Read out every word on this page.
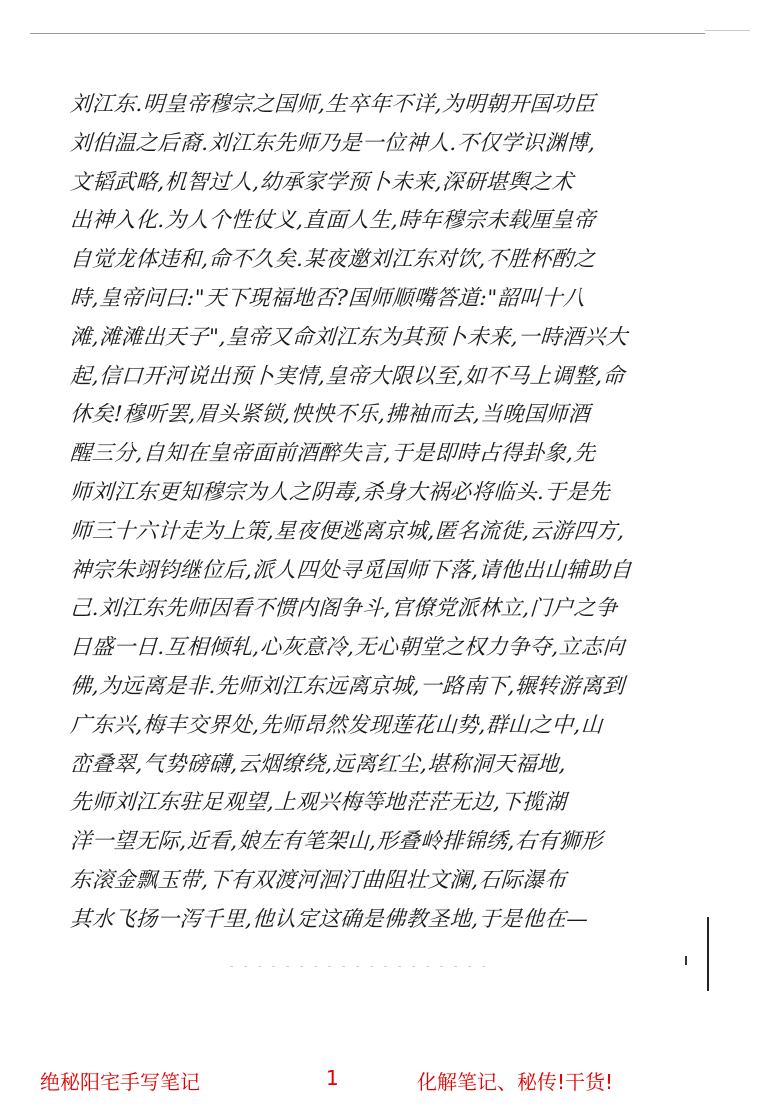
刘江东.明皇帝穆宗之国师,生卒年不详,为明朝开国功臣
刘伯温之后裔.刘江东先师乃是一位神人.不仅学识渊博,
文韬武略,机智过人,幼承家学预卜未来,深研堪舆之术
出神入化.为人个性仗义,直面人生,時年穆宗未载厘皇帝
自觉龙体违和,命不久矣.某夜邀刘江东对饮,不胜杯酌之
時,皇帝问曰:"天下現福地否?国师顺嘴答道:"韶叫十八
滩,滩滩出天子",皇帝又命刘江东为其预卜未来,一時酒兴大
起,信口开河说出预卜実情,皇帝大限以至,如不马上调整,命
休矣!穆听罢,眉头紧锁,怏怏不乐,拂袖而去,当晚国师酒
醒三分,自知在皇帝面前酒醉失言,于是即時占得卦象,先
师刘江东更知穆宗为人之阴毒,杀身大祸必将临头.于是先
师三十六计走为上策,星夜便逃离京城,匿名流徙,云游四方,
神宗朱翊钧继位后,派人四处寻觅国师下落,请他出山辅助自
己.刘江东先师因看不惯内阁争斗,官僚党派林立,门户之争
日盛一日.互相倾轧,心灰意冷,无心朝堂之权力争夺,立志向
佛,为远离是非.先师刘江东远离京城,一路南下,辗转游离到
广东兴,梅丰交界处,先师昂然发现莲花山势,群山之中,山
峦叠翠,气势磅礴,云烟缭绕,远离红尘,堪称洞天福地,
先师刘江东驻足观望,上观兴梅等地茫茫无边,下揽湖
洋一望无际,近看,娘左有笔架山,形叠岭排锦绣,右有狮形
东滚金飘玉带,下有双渡河洄汀曲阻壮文澜,石际瀑布
其水飞扬一泻千里,他认定这确是佛教圣地,于是他在—
绝秘阳宅手写笔记	1	化解笔记、秘传!干货!
